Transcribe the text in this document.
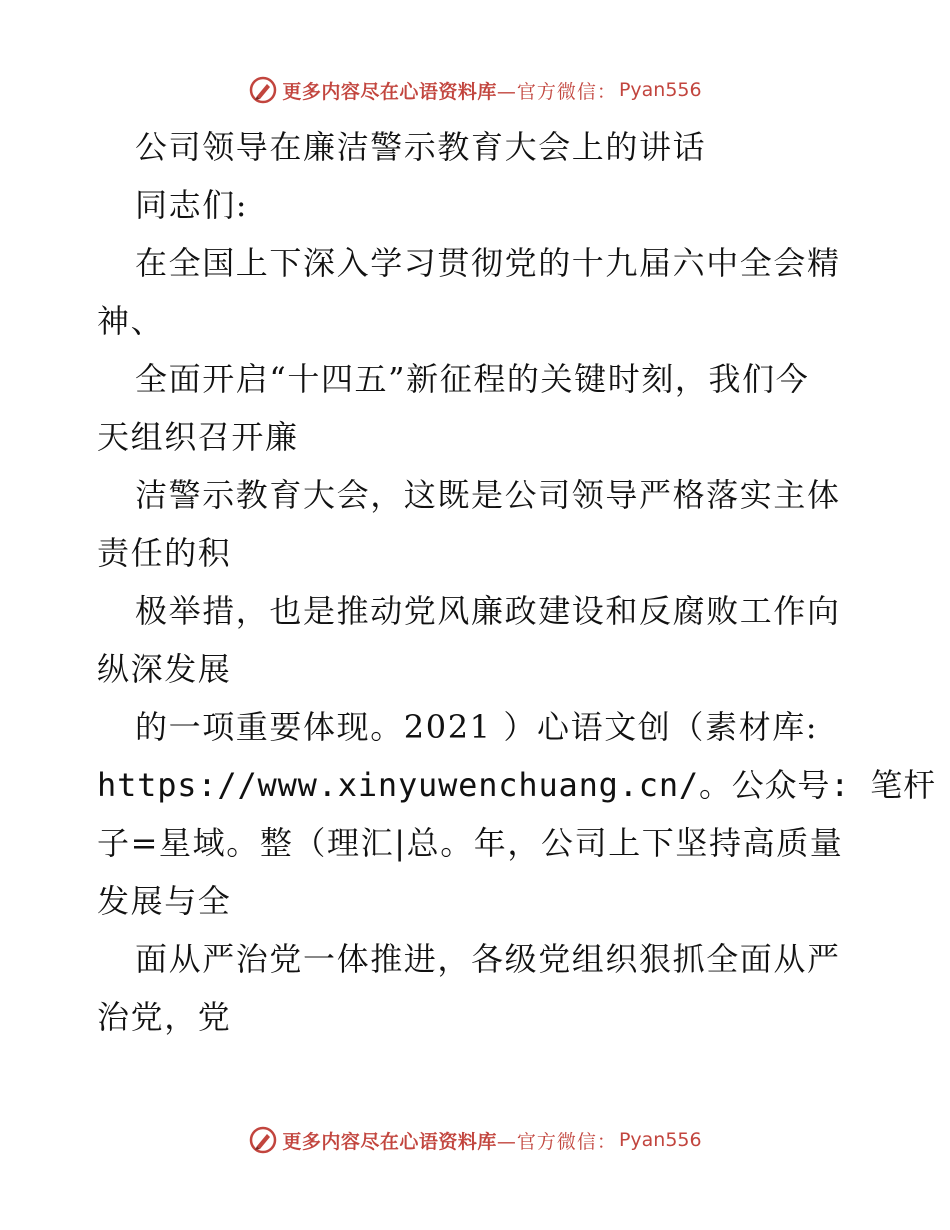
更多内容尽在心语资料库 —官方微信： Pyan556
公司领导在廉洁警示教育大会上的讲话
同志们:
在全国上下深入学习贯彻党的十九届六中全会精
神、
全面开启“十四五”新征程的关键时刻，我们今
天组织召开廉
洁警示教育大会，这既是公司领导严格落实主体
责任的积
极举措，也是推动党风廉政建设和反腐败工作向
纵深发展
的一项重要体现。2021 ）心语文创（素材库:
https://www.xinyuwenchuang.cn/。公众号: 笔杆
子=星域。整（理汇|总。年，公司上下坚持高质量
发展与全
面从严治党一体推进，各级党组织狠抓全面从严
治党，党
更多内容尽在心语资料库 —官方微信： Pyan556
